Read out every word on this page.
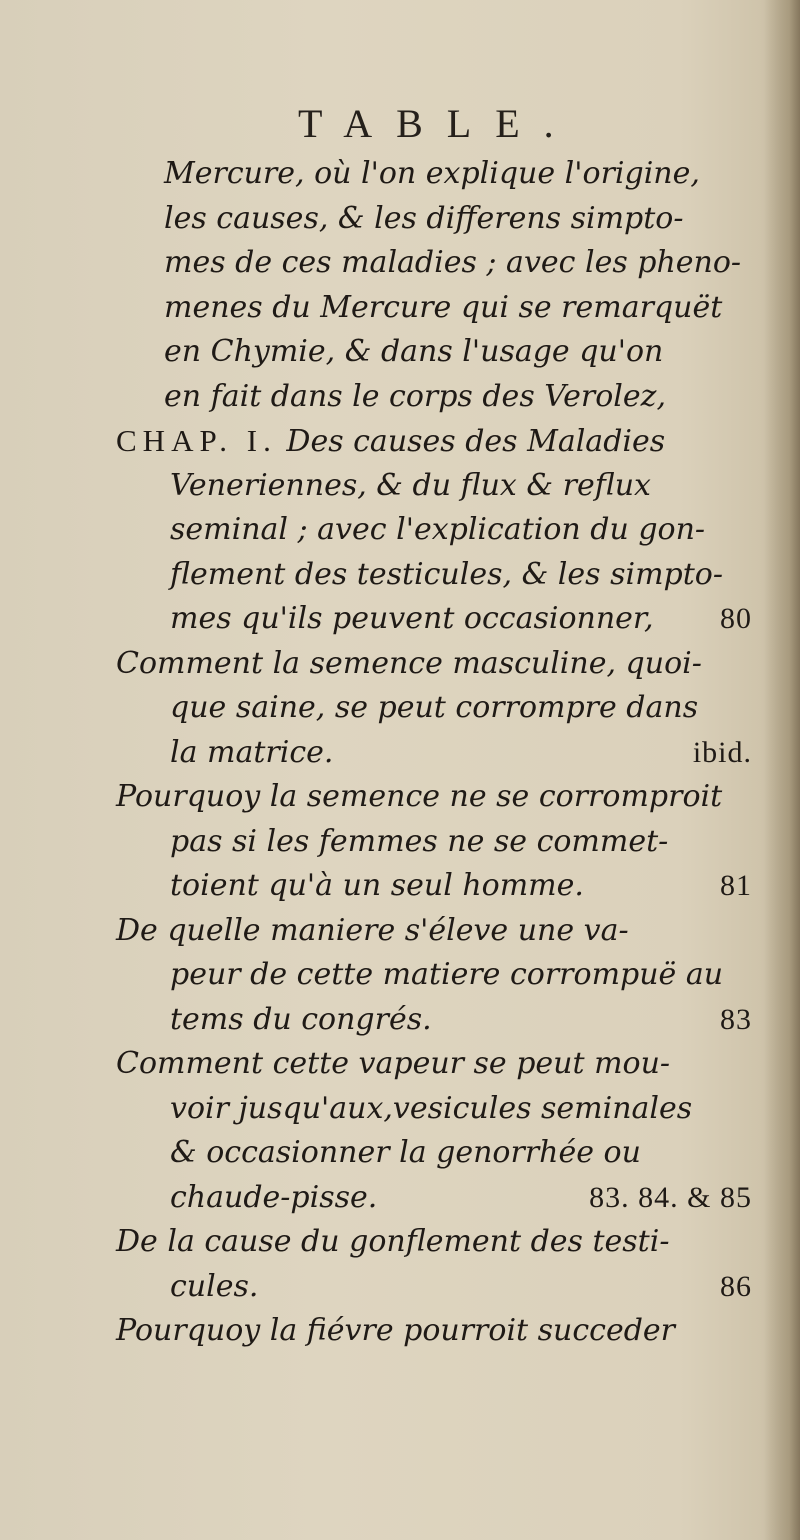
TABLE.
Mercure, où l'on explique l'origine,
les causes, & les differens simpto-
mes de ces maladies ; avec les pheno-
menes du Mercure qui se remarquët
en Chymie, & dans l'usage qu'on
en fait dans le corps des Verolez,
CHAP. I. Des causes des Maladies
Veneriennes, & du flux & reflux
seminal ; avec l'explication du gon-
flement des testicules, & les simpto-
mes qu'ils peuvent occasionner, 80
Comment la semence masculine, quoi-
que saine, se peut corrompre dans
la matrice.	ibid.
Pourquoy la semence ne se corromproit
pas si les femmes ne se commet-
toient qu'à un seul homme.	81
De quelle maniere s'éleve une va-
peur de cette matiere corrompuë au
tems du congrés.	83
Comment cette vapeur se peut mou-
voir jusqu'aux,vesicules seminales
& occasionner la genorrhée ou
chaude-pisse.	83. 84. & 85
De la cause du gonflement des testi-
cules.	86
Pourquoy la fiévre pourroit succeder
